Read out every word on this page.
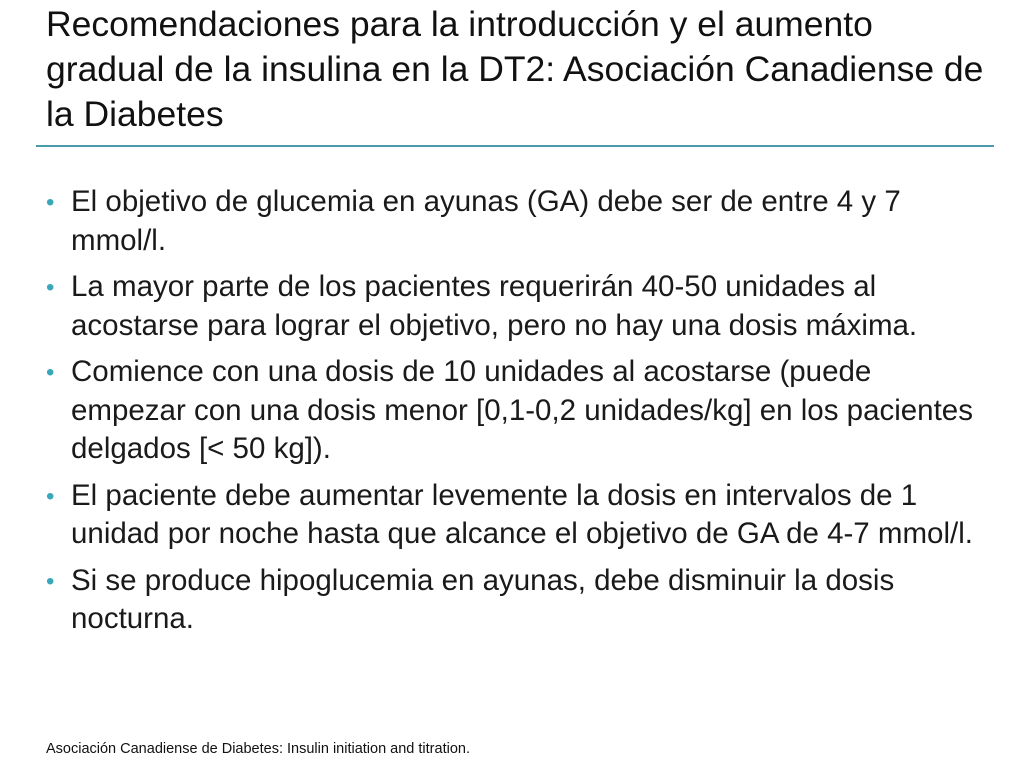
Recomendaciones para la introducción y el aumento gradual de la insulina en la DT2: Asociación Canadiense de la Diabetes
• El objetivo de glucemia en ayunas (GA) debe ser de entre 4 y 7 mmol/l.
• La mayor parte de los pacientes requerirán 40-50 unidades al acostarse para lograr el objetivo, pero no hay una dosis máxima.
• Comience con una dosis de 10 unidades al acostarse (puede empezar con una dosis menor [0,1-0,2 unidades/kg] en los pacientes delgados [< 50 kg]).
• El paciente debe aumentar levemente la dosis en intervalos de 1 unidad por noche hasta que alcance el objetivo de GA de 4-7 mmol/l.
• Si se produce hipoglucemia en ayunas, debe disminuir la dosis nocturna.
Asociación Canadiense de Diabetes: Insulin initiation and titration.
